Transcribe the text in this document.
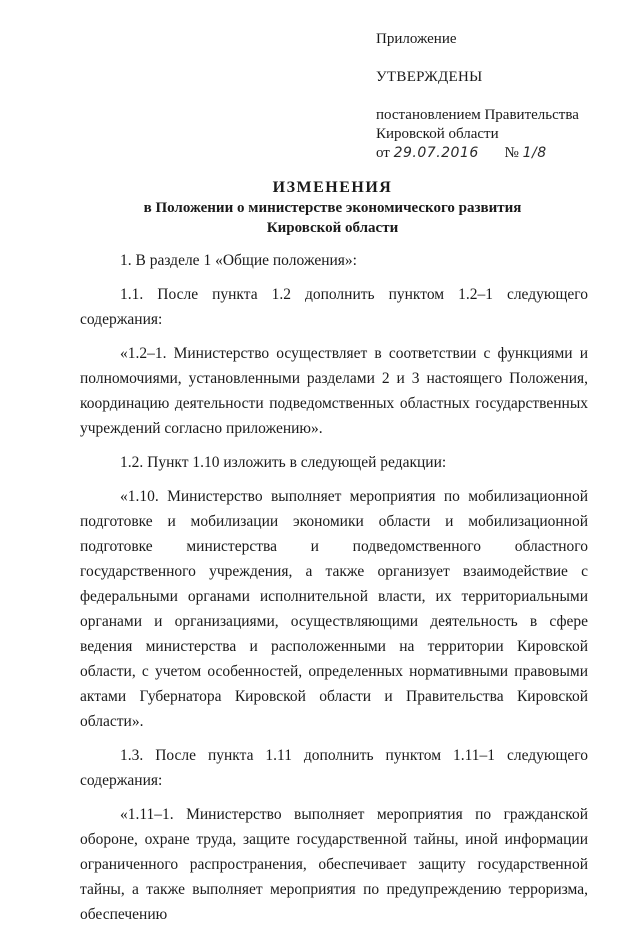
Приложение

УТВЕРЖДЕНЫ

постановлением Правительства

Кировской области

от 29.07.2016 № 1/8

ИЗМЕНЕНИЯ

в Положении о министерстве экономического развития

Кировской области

1. В разделе 1 «Общие положения»:

1.1. После пункта 1.2 дополнить пунктом 1.2–1 следующего содержания:

«1.2–1. Министерство осуществляет в соответствии с функциями и полномочиями, установленными разделами 2 и 3 настоящего Положения, координацию деятельности подведомственных областных государственных учреждений согласно приложению».

1.2. Пункт 1.10 изложить в следующей редакции:

«1.10. Министерство выполняет мероприятия по мобилизационной подготовке и мобилизации экономики области и мобилизационной подготовке министерства и подведомственного областного государственного учреждения, а также организует взаимодействие с федеральными органами исполнительной власти, их территориальными органами и организациями, осуществляющими деятельность в сфере ведения министерства и расположенными на территории Кировской области, с учетом особенностей, определенных нормативными правовыми актами Губернатора Кировской области и Правительства Кировской области».

1.3. После пункта 1.11 дополнить пунктом 1.11–1 следующего содержания:

«1.11–1. Министерство выполняет мероприятия по гражданской обороне, охране труда, защите государственной тайны, иной информации ограниченного распространения, обеспечивает защиту государственной тайны, а также выполняет мероприятия по предупреждению терроризма, обеспечению
